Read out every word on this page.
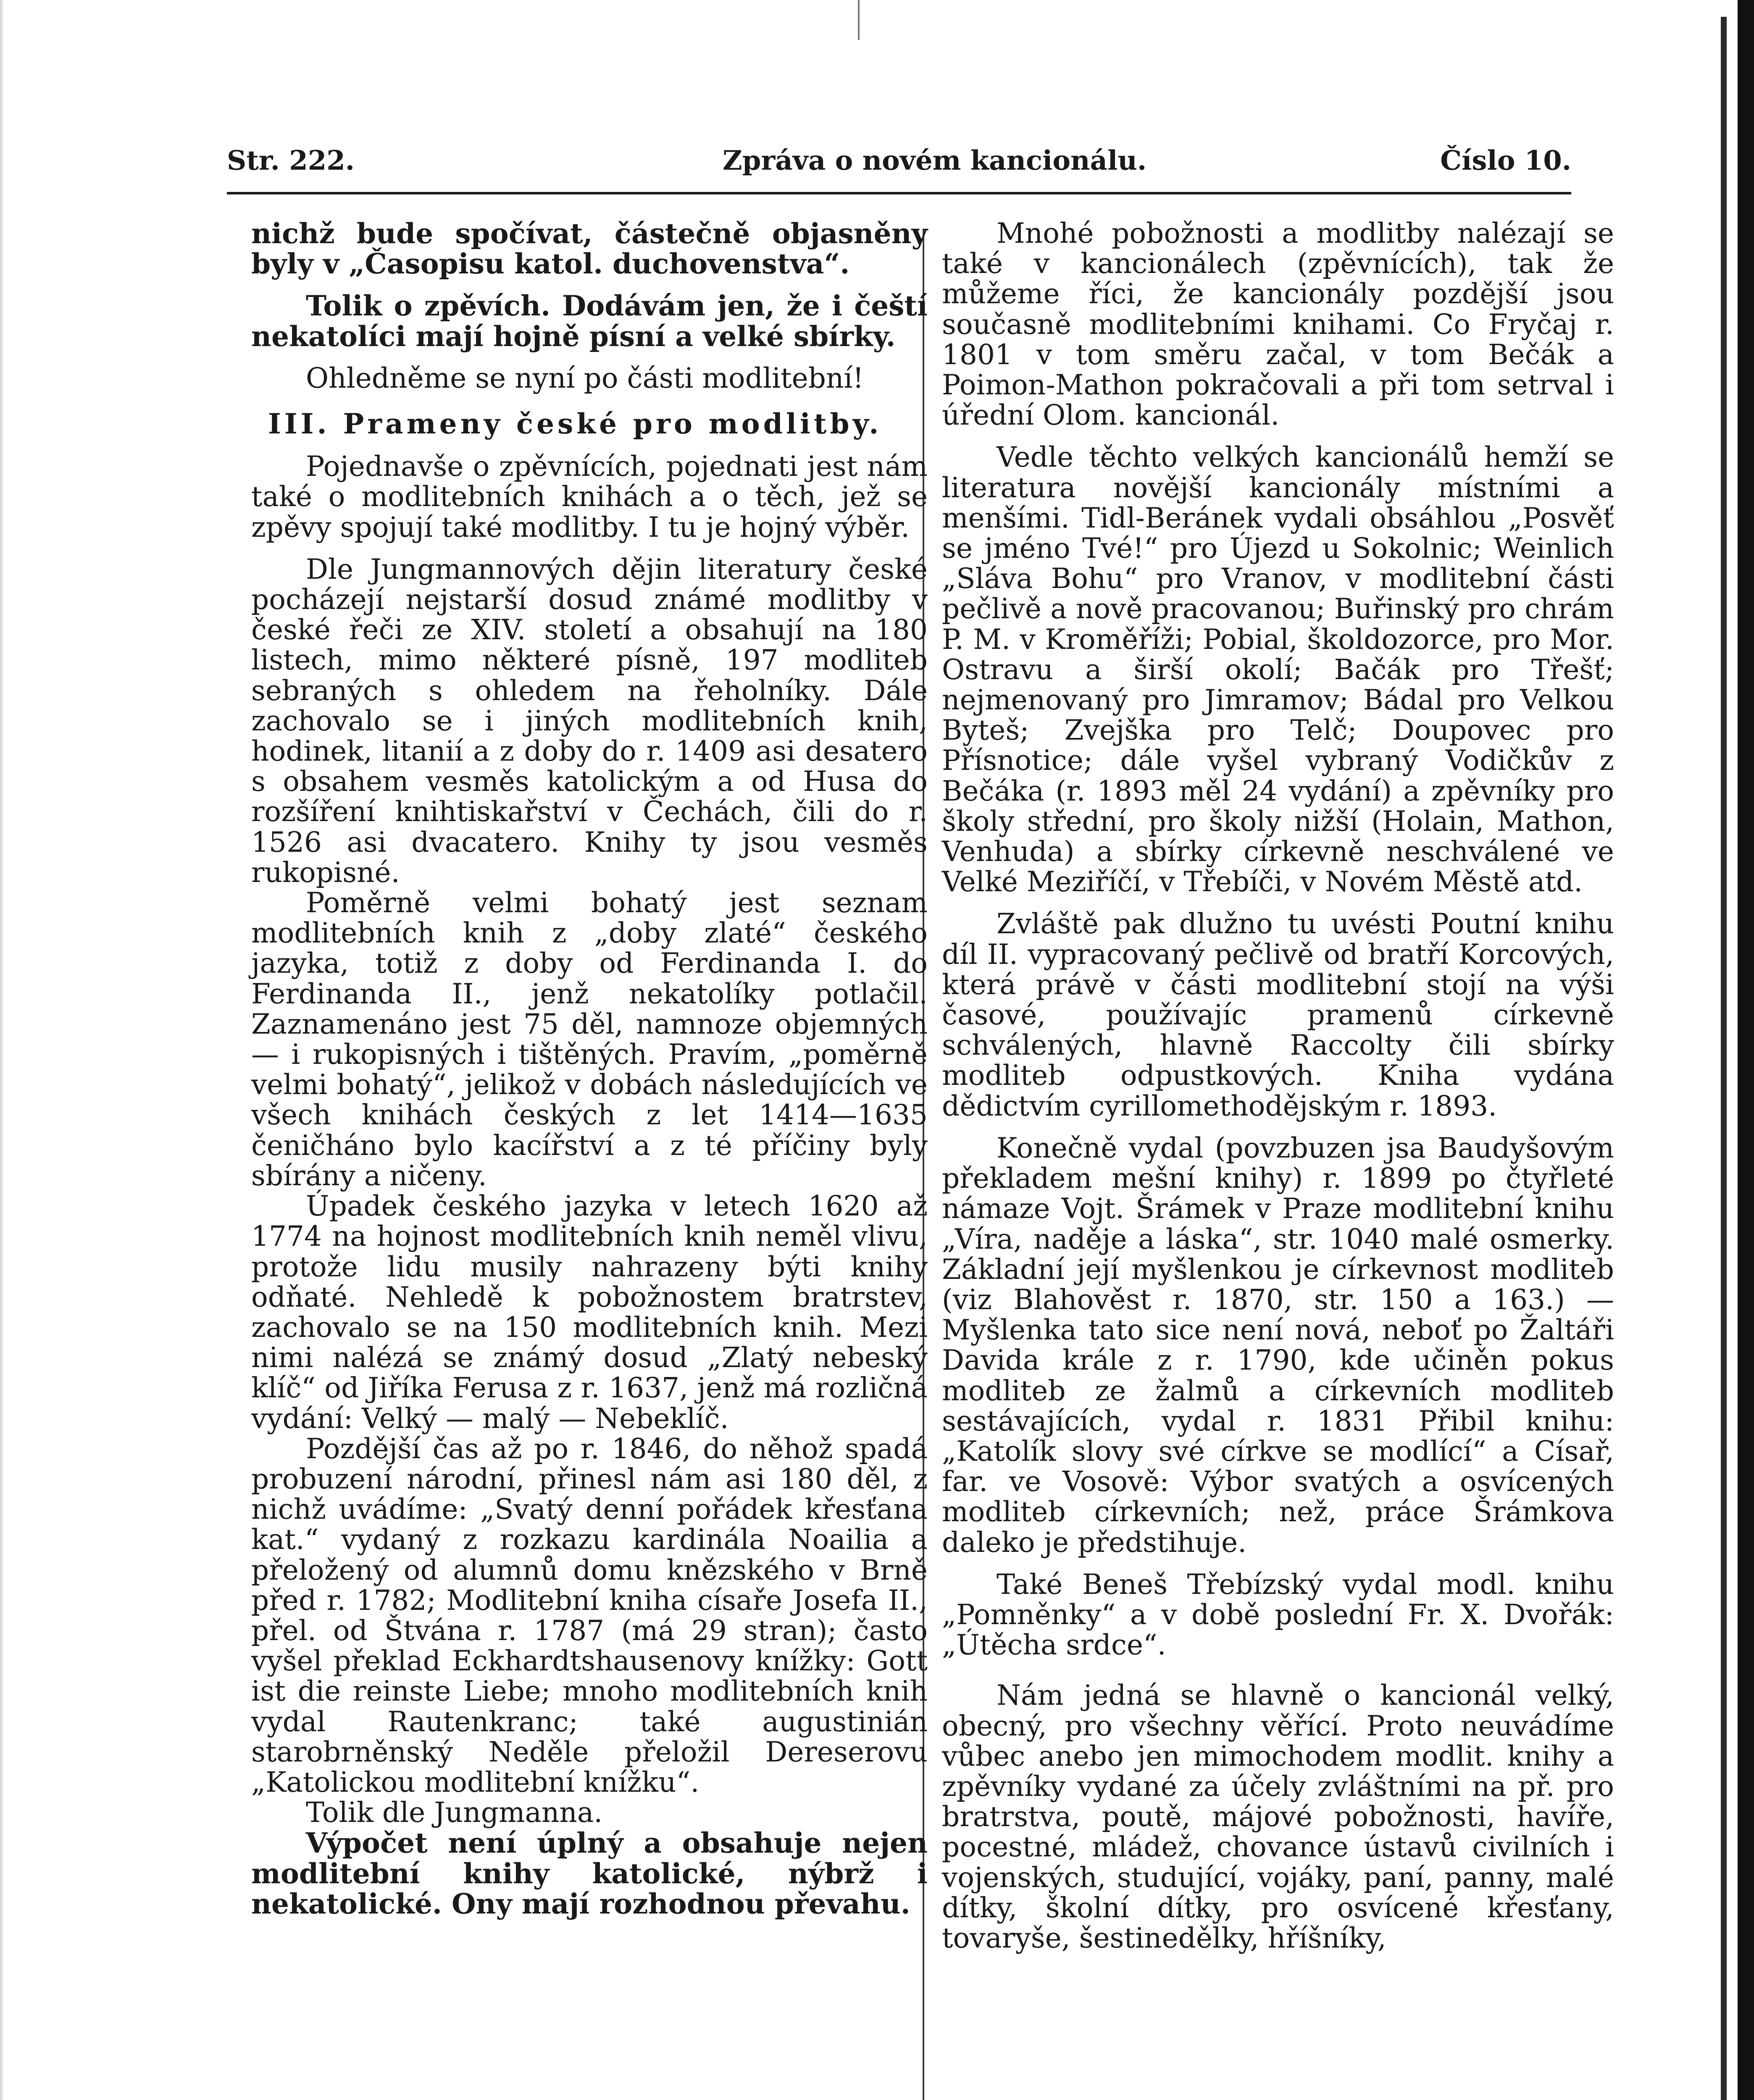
Str. 222.	Zpráva o novém kancionálu.	Číslo 10.

nichž bude spočívat, částečně objasněny byly v „Časopisu katol. duchovenstva“.

Tolik o zpěvích. Dodávám jen, že i čeští nekatolíci mají hojně písní a velké sbírky.

Ohledněme se nyní po části modlitební!

III. Prameny české pro modlitby.

Pojednavše o zpěvnících, pojednati jest nám také o modlitebních knihách a o těch, jež se zpěvy spojují také modlitby. I tu je hojný výběr.

Dle Jungmannových dějin literatury české pocházejí nejstarší dosud známé modlitby v české řeči ze XIV. století a obsahují na 180 listech, mimo některé písně, 197 modliteb sebraných s ohledem na řeholníky. Dále zachovalo se i jiných modlitebních knih, hodinek, litanií a z doby do r. 1409 asi desatero s obsahem vesměs katolickým a od Husa do rozšíření knihtiskařství v Čechách, čili do r. 1526 asi dvacatero. Knihy ty jsou vesměs rukopisné.

Poměrně velmi bohatý jest seznam modlitebních knih z „doby zlaté“ českého jazyka, totiž z doby od Ferdinanda I. do Ferdinanda II., jenž nekatolíky potlačil. Zaznamenáno jest 75 děl, namnoze objemných — i rukopisných i tištěných. Pravím, „poměrně velmi bohatý“, jelikož v dobách následujících ve všech knihách českých z let 1414—1635 čeničháno bylo kacířství a z té příčiny byly sbírány a ničeny.

Úpadek českého jazyka v letech 1620 až 1774 na hojnost modlitebních knih neměl vlivu, protože lidu musily nahrazeny býti knihy odňaté. Nehledě k pobožnostem bratrstev, zachovalo se na 150 modlitebních knih. Mezi nimi nalézá se známý dosud „Zlatý nebeský klíč“ od Jiříka Ferusa z r. 1637, jenž má rozličná vydání: Velký — malý — Nebeklíč.

Pozdější čas až po r. 1846, do něhož spadá probuzení národní, přinesl nám asi 180 děl, z nichž uvádíme: „Svatý denní pořádek křesťana kat.“ vydaný z rozkazu kardinála Noailia a přeložený od alumnů domu knězského v Brně před r. 1782; Modlitební kniha císaře Josefa II., přel. od Štvána r. 1787 (má 29 stran); často vyšel překlad Eckhardtshausenovy knížky: Gott ist die reinste Liebe; mnoho modlitebních knih vydal Rautenkranc; také augustinián starobrněnský Neděle přeložil Dereserovu „Katolickou modlitební knížku“.

Tolik dle Jungmanna.

Výpočet není úplný a obsahuje nejen modlitební knihy katolické, nýbrž i nekatolické. Ony mají rozhodnou převahu.

Mnohé pobožnosti a modlitby nalézají se také v kancionálech (zpěvnících), tak že můžeme říci, že kancionály pozdější jsou současně modlitebními knihami. Co Fryčaj r. 1801 v tom směru začal, v tom Bečák a Poimon-Mathon pokračovali a při tom setrval i úřední Olom. kancionál.

Vedle těchto velkých kancionálů hemží se literatura novější kancionály místními a menšími. Tidl-Beránek vydali obsáhlou „Posvěť se jméno Tvé!“ pro Újezd u Sokolnic; Weinlich „Sláva Bohu“ pro Vranov, v modlitební části pečlivě a nově pracovanou; Buřinský pro chrám P. M. v Kroměříži; Pobial, školdozorce, pro Mor. Ostravu a širší okolí; Bačák pro Třešť; nejmenovaný pro Jimramov; Bádal pro Velkou Byteš; Zvejška pro Telč; Doupovec pro Přísnotice; dále vyšel vybraný Vodičkův z Bečáka (r. 1893 měl 24 vydání) a zpěvníky pro školy střední, pro školy nižší (Holain, Mathon, Venhuda) a sbírky církevně neschválené ve Velké Meziříčí, v Třebíči, v Novém Městě atd.

Zvláště pak dlužno tu uvésti Poutní knihu díl II. vypracovaný pečlivě od bratří Korcových, která právě v části modlitební stojí na výši časové, používajíc pramenů církevně schválených, hlavně Raccolty čili sbírky modliteb odpustkových. Kniha vydána dědictvím cyrillomethodějským r. 1893.

Konečně vydal (povzbuzen jsa Baudyšovým překladem mešní knihy) r. 1899 po čtyřleté námaze Vojt. Šrámek v Praze modlitební knihu „Víra, naděje a láska“, str. 1040 malé osmerky. Základní její myšlenkou je církevnost modliteb (viz Blahověst r. 1870, str. 150 a 163.) — Myšlenka tato sice není nová, neboť po Žaltáři Davida krále z r. 1790, kde učiněn pokus modliteb ze žalmů a církevních modliteb sestávajících, vydal r. 1831 Přibil knihu: „Katolík slovy své církve se modlící“ a Císař, far. ve Vosově: Výbor svatých a osvícených modliteb církevních; než, práce Šrámkova daleko je předstihuje.

Také Beneš Třebízský vydal modl. knihu „Pomněnky“ a v době poslední Fr. X. Dvořák: „Útěcha srdce“.

Nám jedná se hlavně o kancionál velký, obecný, pro všechny věřící. Proto neuvádíme vůbec anebo jen mimochodem modlit. knihy a zpěvníky vydané za účely zvláštními na př. pro bratrstva, poutě, májové pobožnosti, havíře, pocestné, mládež, chovance ústavů civilních i vojenských, studující, vojáky, paní, panny, malé dítky, školní dítky, pro osvícené křesťany, tovaryše, šestinedělky, hříšníky,
